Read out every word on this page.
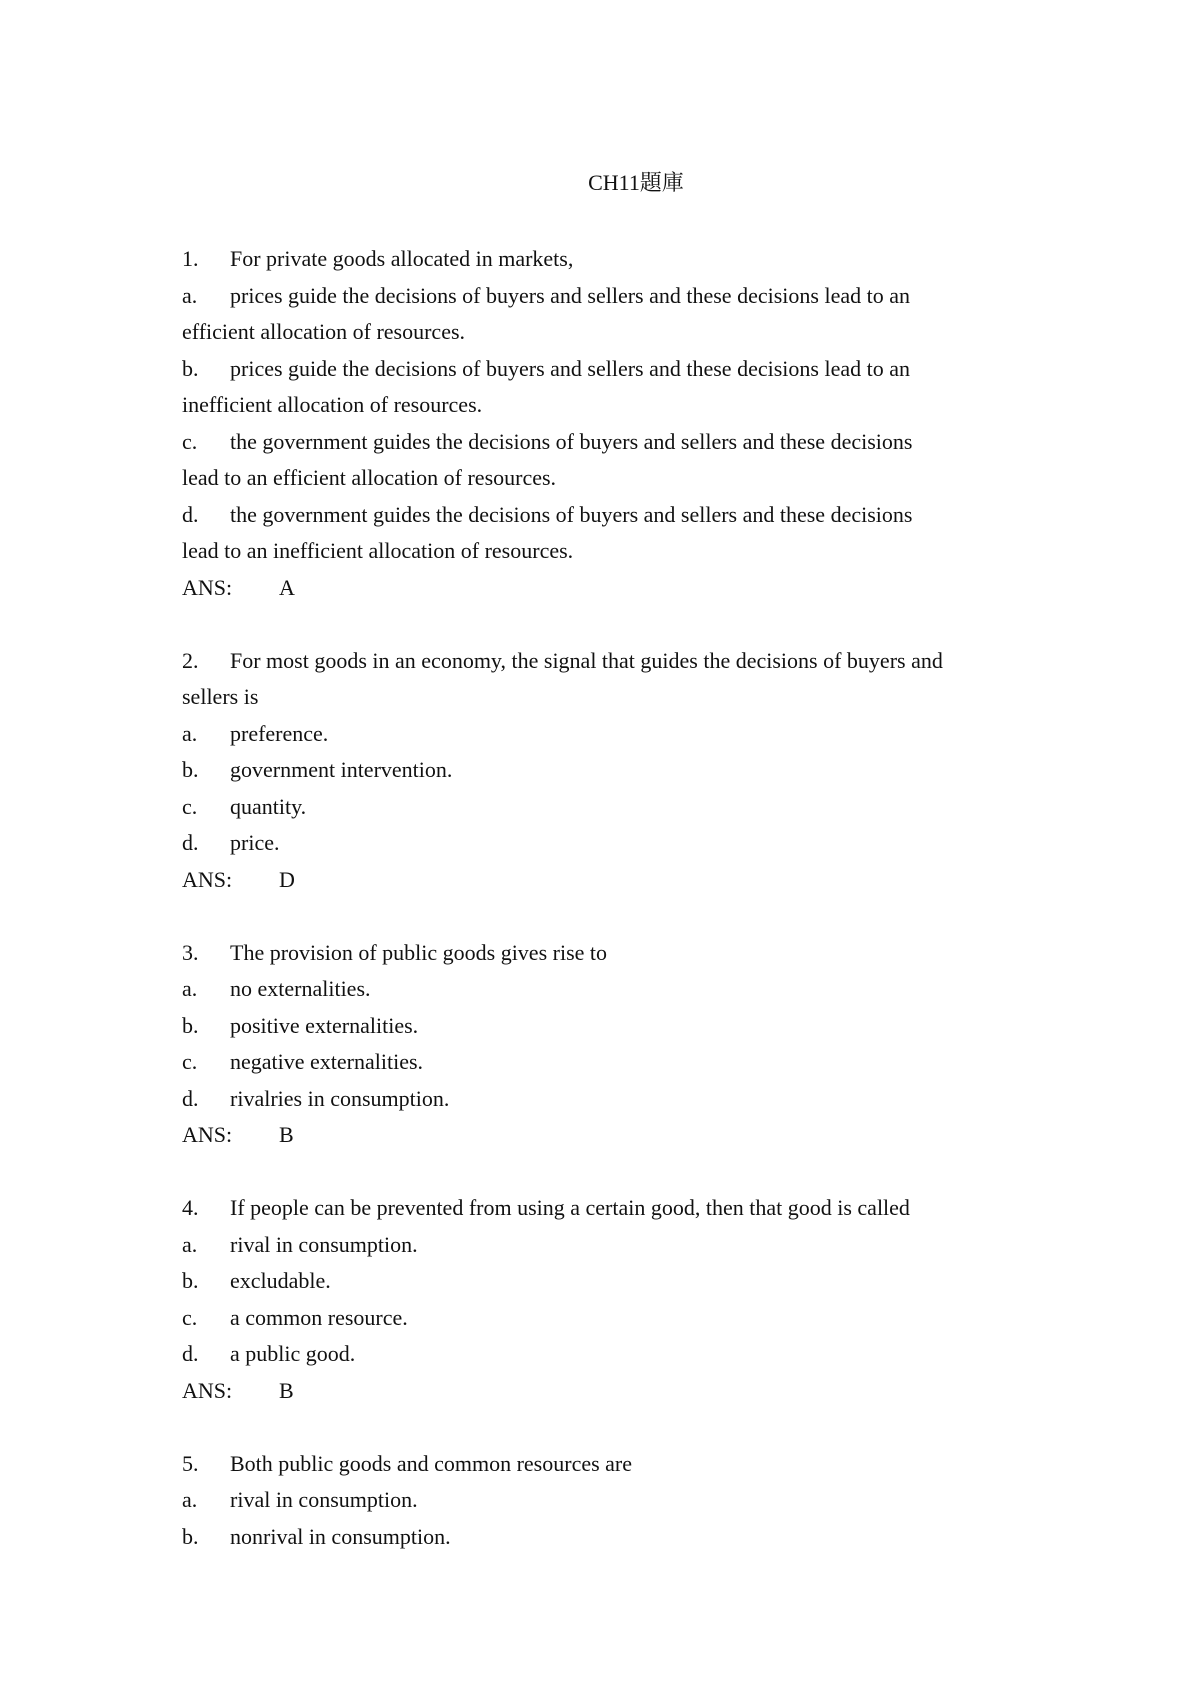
CH11題庫
1. For private goods allocated in markets,
a. prices guide the decisions of buyers and sellers and these decisions lead to an
efficient allocation of resources.
b. prices guide the decisions of buyers and sellers and these decisions lead to an
inefficient allocation of resources.
c. the government guides the decisions of buyers and sellers and these decisions
lead to an efficient allocation of resources.
d. the government guides the decisions of buyers and sellers and these decisions
lead to an inefficient allocation of resources.
ANS: A
2. For most goods in an economy, the signal that guides the decisions of buyers and
sellers is
a. preference.
b. government intervention.
c. quantity.
d. price.
ANS: D
3. The provision of public goods gives rise to
a. no externalities.
b. positive externalities.
c. negative externalities.
d. rivalries in consumption.
ANS: B
4. If people can be prevented from using a certain good, then that good is called
a. rival in consumption.
b. excludable.
c. a common resource.
d. a public good.
ANS: B
5. Both public goods and common resources are
a. rival in consumption.
b. nonrival in consumption.
